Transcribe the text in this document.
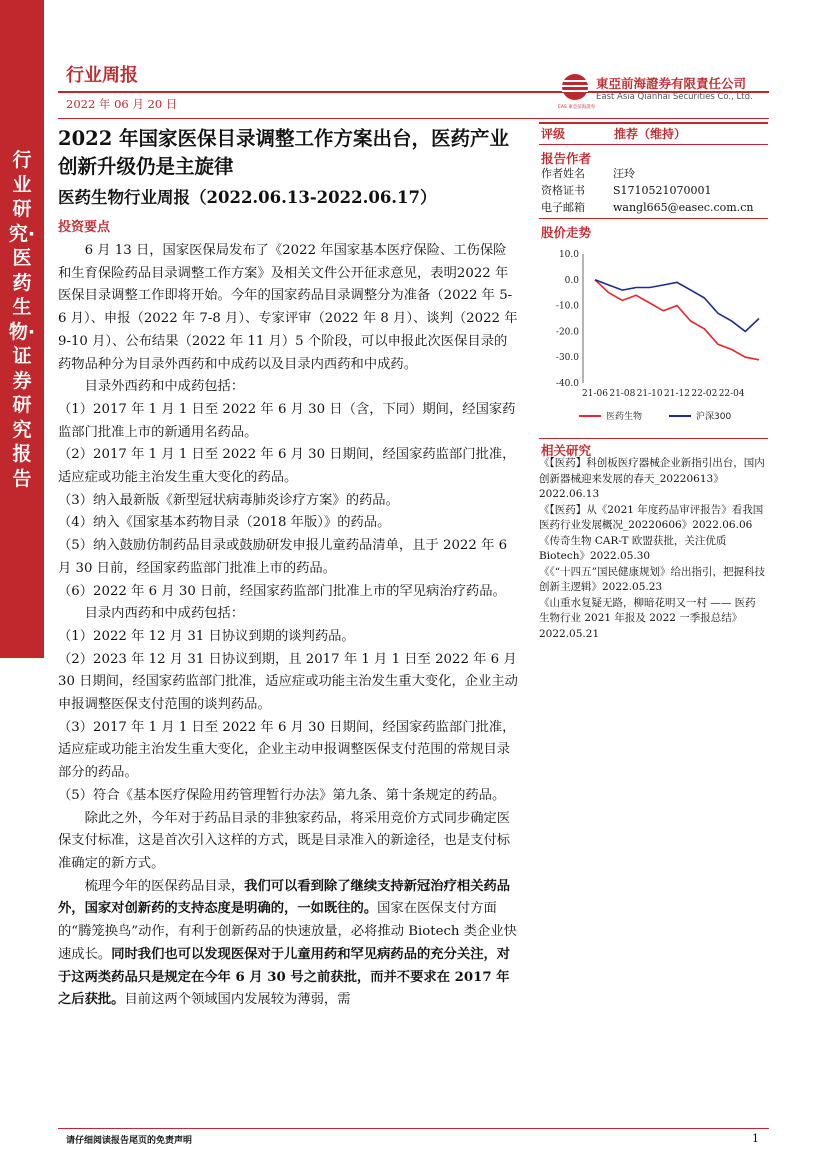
行业研究·医药生物·证券研究报告
行业周报
2022 年 06 月 20 日
東亞前海證券有限責任公司
East Asia Qianhai Securities Co., Ltd.
EAS 東亞前海證券
2022 年国家医保目录调整工作方案出台，医药产业创新升级仍是主旋律
医药生物行业周报（2022.06.13-2022.06.17）
投资要点

6 月 13 日，国家医保局发布了《2022 年国家基本医疗保险、工伤保险和生育保险药品目录调整工作方案》及相关文件公开征求意见，表明2022 年医保目录调整工作即将开始。今年的国家药品目录调整分为准备（2022 年 5-6 月）、申报（2022 年 7-8 月）、专家评审（2022 年 8 月）、谈判（2022 年 9-10 月）、公布结果（2022 年 11 月）5 个阶段，可以申报此次医保目录的药物品种分为目录外西药和中成药以及目录内西药和中成药。

目录外西药和中成药包括：

（1）2017 年 1 月 1 日至 2022 年 6 月 30 日（含，下同）期间，经国家药监部门批准上市的新通用名药品。

（2）2017 年 1 月 1 日至 2022 年 6 月 30 日期间，经国家药监部门批准，适应症或功能主治发生重大变化的药品。

（3）纳入最新版《新型冠状病毒肺炎诊疗方案》的药品。

（4）纳入《国家基本药物目录（2018 年版）》的药品。

（5）纳入鼓励仿制药品目录或鼓励研发申报儿童药品清单，且于 2022 年 6 月 30 日前，经国家药监部门批准上市的药品。

（6）2022 年 6 月 30 日前，经国家药监部门批准上市的罕见病治疗药品。

目录内西药和中成药包括：

（1）2022 年 12 月 31 日协议到期的谈判药品。

（2）2023 年 12 月 31 日协议到期，且 2017 年 1 月 1 日至 2022 年 6 月 30 日期间，经国家药监部门批准，适应症或功能主治发生重大变化，企业主动申报调整医保支付范围的谈判药品。

（3）2017 年 1 月 1 日至 2022 年 6 月 30 日期间，经国家药监部门批准，适应症或功能主治发生重大变化，企业主动申报调整医保支付范围的常规目录部分的药品。

（5）符合《基本医疗保险用药管理暂行办法》第九条、第十条规定的药品。

除此之外，今年对于药品目录的非独家药品，将采用竞价方式同步确定医保支付标准，这是首次引入这样的方式，既是目录准入的新途径，也是支付标准确定的新方式。

梳理今年的医保药品目录，我们可以看到除了继续支持新冠治疗相关药品外，国家对创新药的支持态度是明确的，一如既往的。国家在医保支付方面的“腾笼换鸟”动作，有利于创新药品的快速放量，必将推动 Biotech 类企业快速成长。同时我们也可以发现医保对于儿童用药和罕见病药品的充分关注，对于这两类药品只是规定在今年 6 月 30 号之前获批，而并不要求在 2017 年之后获批。目前这两个领域国内发展较为薄弱，需

评级	推荐（维持）
报告作者
作者姓名	汪玲
资格证书	S1710521070001
电子邮箱	wangl665@easec.com.cn
股价走势
10.0
0.0
-10.0
-20.0
-30.0
-40.0
21-06 21-08 21-10 21-12 22-02 22-04
医药生物	沪深300
相关研究

《【医药】科创板医疗器械企业新指引出台，国内创新器械迎来发展的春天_20220613》2022.06.13

《【医药】从《2021 年度药品审评报告》看我国医药行业发展概况_20220606》2022.06.06

《传奇生物 CAR-T 欧盟获批，关注优质 Biotech》2022.05.30

《《“十四五”国民健康规划》给出指引，把握科技创新主逻辑》2022.05.23

《山重水复疑无路，柳暗花明又一村 —— 医药生物行业 2021 年报及 2022 一季报总结》2022.05.21

请仔细阅读报告尾页的免责声明	1
